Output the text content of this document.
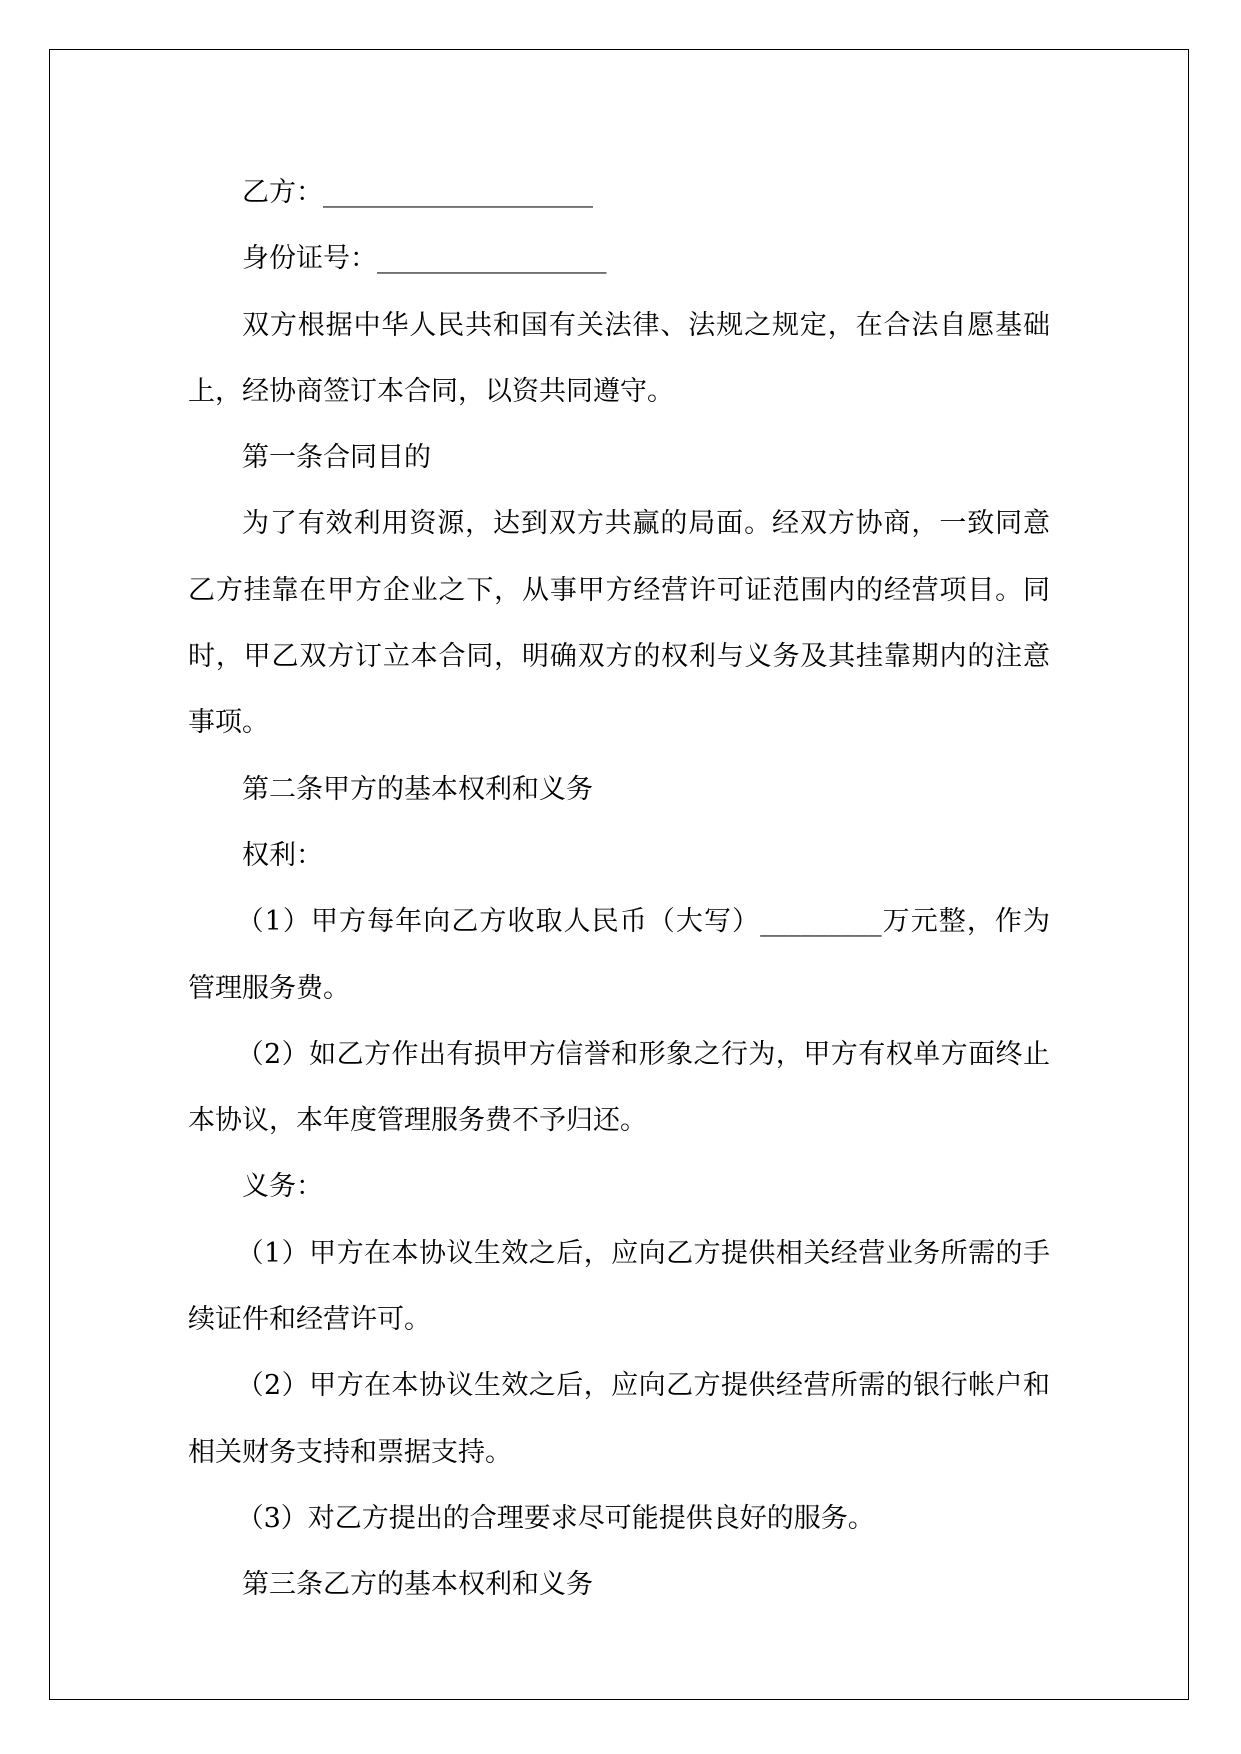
乙方：____________________

身份证号：_________________

双方根据中华人民共和国有关法律、法规之规定，在合法自愿基础上，经协商签订本合同，以资共同遵守。

第一条合同目的

为了有效利用资源，达到双方共赢的局面。经双方协商，一致同意乙方挂靠在甲方企业之下，从事甲方经营许可证范围内的经营项目。同时，甲乙双方订立本合同，明确双方的权利与义务及其挂靠期内的注意事项。

第二条甲方的基本权利和义务

权利：

（1）甲方每年向乙方收取人民币（大写）_________万元整，作为管理服务费。

（2）如乙方作出有损甲方信誉和形象之行为，甲方有权单方面终止本协议，本年度管理服务费不予归还。

义务：

（1）甲方在本协议生效之后，应向乙方提供相关经营业务所需的手续证件和经营许可。

（2）甲方在本协议生效之后，应向乙方提供经营所需的银行帐户和相关财务支持和票据支持。

（3）对乙方提出的合理要求尽可能提供良好的服务。

第三条乙方的基本权利和义务
